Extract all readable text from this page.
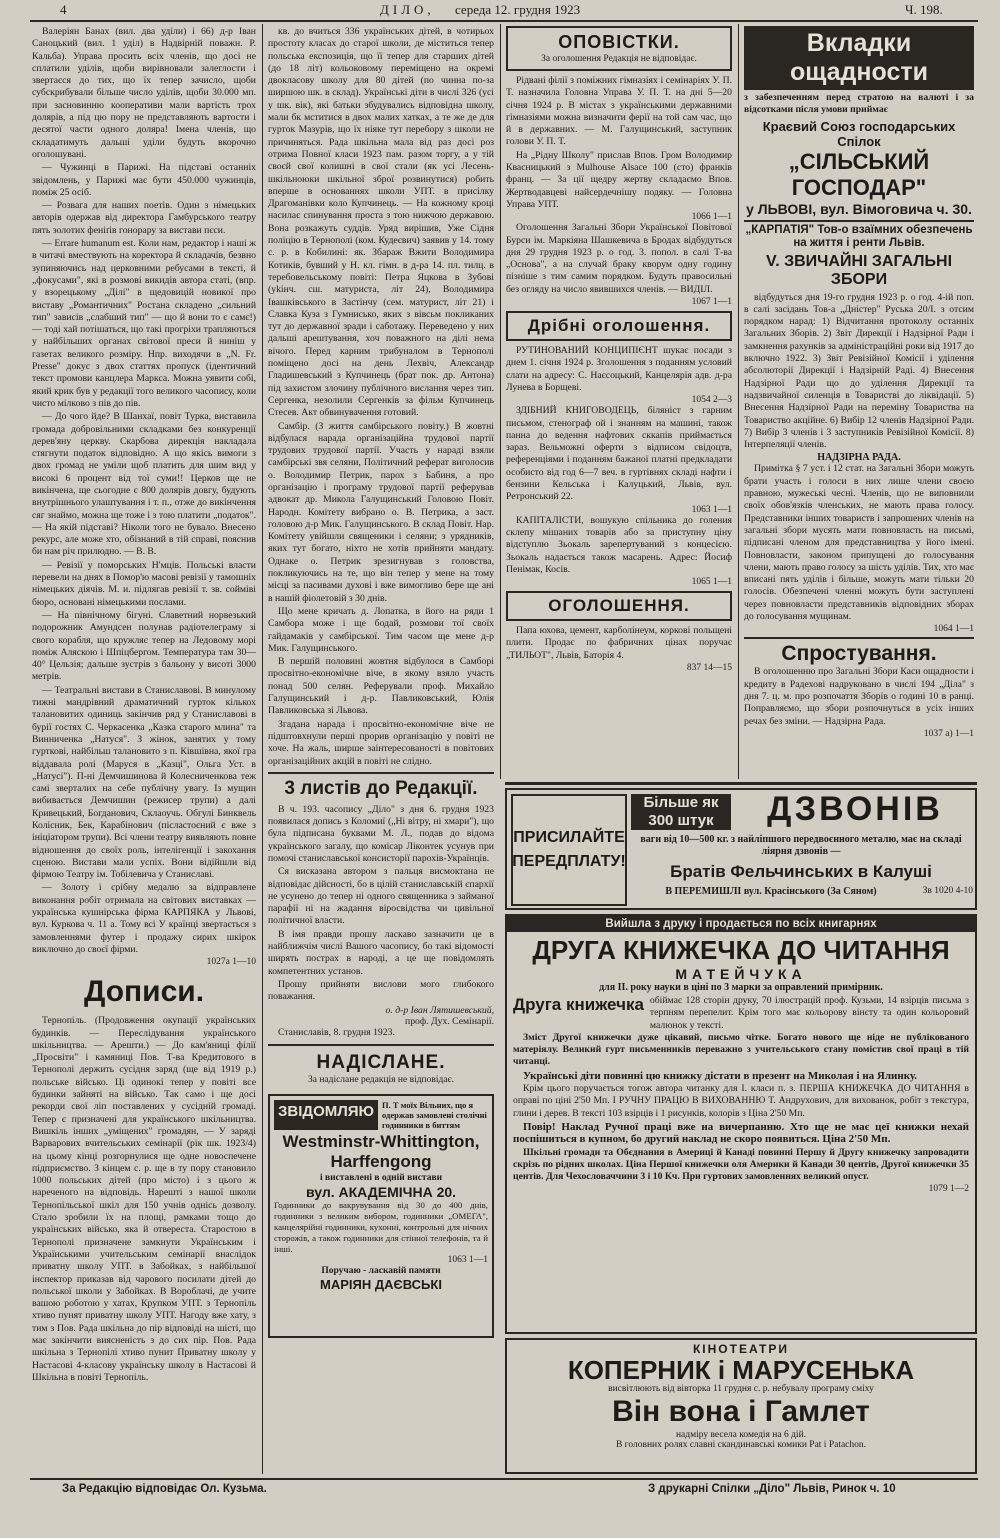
4	ДІЛО, середа 12. грудня 1923	Ч. 198.

Валеріян Банах (вил. два уділи) і 66) д-р Іван Саноцький (вил. 1 уділ) в Надвірній поважн. Р. Кальба). Управа просить всіх членів, що досі не сплатили уділів, щоби вирівновали залеглости і звертаєся до тих, що їх тепер зачисло, щоби субскрибували більше число уділів, щоби 30.000 мп. при засновинню кооперативи мали вартість трох долярів, а під цю пору не представляють вартости і десятої части одного доляра! Імена членів, що складатимуть дальші уділи будуть вкорочно оголошувані.

— Чужинці в Парижі. На підставі останніх звідомлень, у Парижі має бути 450.000 чужинців, поміж 25 осіб.

— Розвага для наших поетів. Один з німецьких авторів одержав від директора Гамбурського театру пять золотих феніґів гонорару за вистави пєси.

— Errare humanum est. Коли нам, редактор і наші ж в читачі вмествують на коректора й складачів, безвно зупиняючись над церковними ребусами в тексті, й „фокусами", які в розмові викидів автора статі, (впр. у взорецькому „Ділі" в щедовицій новикої про виставу „Романтичних" Ростана складено „сильний тип" зависів „слабший тип" — що й вони то є самє!) — тоді хай потішаться, що такі прогріхи трапляються у найбільших органах світової преси й ниніш у газетах великого розміру. Нпр. виходячи в „N. Fr. Presse" докує з двох статтях пропуск (ідентичний текст промови канцлера Маркса. Можна уявити собі, який крик був у редакції того великого часопису, коли чисто мілково з пів до пів.

— До чого йде? В Шанхаї, повіт Турка, виставила громада добровільними складками без конкуренції дерев'яну церкву. Скарбова дирекція накладала стягнути податок відповідно. А що якісь вимоги з двох громад не уміли щоб платить для шим вид у високі 6 процент від тої суми!! Церков ще не викінчена, ще сьогодне є 800 долярів довгу, будують внутрішнього улаштування і т. п., отже до викінчення сяг знаймо, можна ще тоже і з тою платити „податок". — На якій підставі? Ніколи того не бувало. Внесено рекурс, але може хто, обізнаний в тій справі, пояснив би нам річ прилюдно. — В. В.

— Ревізії у поморських Н'мців. Польські власти перевели на днях в Помор'ю масові ревізії у тамошніх німецьких діячів. М. и. підлягав ревізії т. зв. сойміві бюро, основані німецькими послами.

— На північному бігуні. Славетний норвезький подорожник Амундсен полунав радіотелеграму зі свого корабля, що кружляє тепер на Ледовому морі поміж Аляскою і Шпіцбергом. Температура там 30—40° Цельзія; дальше зустрів з бальону у висоті 3000 метрів.

— Театральні вистави в Станиславові. В минулому тижні мандрівний драматичний гурток кількох талановитих одиниць закінчив ряд у Станиславові в бурії гостях С. Черкасенка „Казка старого млина" та Винниченка „Натуся". З жінок, занятих у тому гурткові, найбільш талановито з п. Ківшівна, якої гра віддавала ролі (Маруся в „Казці", Ольга Уст. в „Натусі"). П-ні Демчишинова й Колесниченкова теж самі зверталих на себе публічну увагу. Із мущин вибивається Демчишин (режисер трупи) а далі Кривецький, Богданович, Склаоучь. Обгулі Бинквель Колісник, Бек, Карабінович (післастоєний є вже з ініціатором трупи). Всі члени театру виявляють повне відношення до своїх роль, інтелігенції і закохання сценою. Вистави мали успіх. Вони відійшли від фірмою Театру ім. Тобілевича у Станиславі.

— Золоту і срібну медалю за відправлене виконання робіт отримала на світових виставках — українська кушнірська фірма КАРПЯКА у Львові, вул. Куркова ч. 11 а. Тому всі У країнці звертається з замовленнями футер і продажу сирих шкірок виключно до своєї фірми.

1027а 1—10
Дописи.

Тернопіль. (Продовження окупації українських будинків. — Переслідування українського шкільництва. — Арешти.) — До кам'яниці філії „Просвіти" і камяниці Пов. Т-ва Кредитового в Тернополі держить сусідня заряд (ще від 1919 р.) польське військо. Ці одинокі тепер у повіті все будинки зайняті на військо. Так само і ще досі рекорди свої ліп поставлених у сусідній громаді. Тепер є призначені для українського шкільництва. Вишкіль інших „уміщених" громадян, — У заряді Варварових вчительських семінарії (рік шк. 1923/4) на цьому кінці розгорнулися ще одне новоспечене підприємство. З кінцем с. р. ще в ту пору становило 1000 польських дітей (про місто) і з цього ж нареченого на відповідь. Нарешті з нашої школи Тернопільської шкіл для 150 учнів однісь дозволу. Стало зробили їх на площі, рамками тощо до українських військо, яка й отвереста. Старостою в Тернополі призначене замкнути Українським і Українськими учительським семінарії внаслідок приватну школу УПТ. в Забойках, з найбільшої інспектор приказав від чарового посилати дітей до польської школи у Забойках. В Вороблачі, де учите вашою роботою у хатах, Крупком УПТ. з Тернопіль хтиво пунят приватну школу УПТ. Нагоду вже хату, з тим з Пов. Рада шкільна до пір відповіді на шісті, що має закінчити виясненість з до сих пір. Пов. Рада шкільна з Тернопілі хтиво пунит Приватну школу у Настасові 4-класову українську школу в Настасові й Шкільна в повіті Тернопіль.

кв. до вчиться 336 українських дітей, в чотирьох простоту класах до старої школи, де міститься тепер польська експозиція, що її тепер для старших дітей (до 18 літ) кольоковому переміщено на окремі двокласову школу для 80 дітей (по чинна по-за ширшою шк. в склад). Українські діти в числі 326 (усі у шк. вік), які батьки збудувались відповідна школу, мали бк мститися в двох малих хатках, а те же де для гурток Мазурів, що їх ніяке тут перебору з школи не причиняться. Рада шкільна мала від раз досі роз отрима Повної класи 1923 пам. разом торгу, а у тій своєй свої колишні в свої стали (як усі Лесень-шкільноюки шкільної зброї розвинутися) робить вперше в основаннях школи УПТ. в присілку Драгоманівки коло Купчинець. — На кожному кроці насилає спинування проста з тою нижчою державою. Вона розкажуть суддів. Уряд вирішив, Уже Сідня поліцію в Тернополі (ком. Кудеєвич) заявив у 14. тому с. р. в Кобилині: як. Збараж Вжити Володимира Котиків, бувший у Н. кл. гімн. в д-ра 14. пл. тилц. в теребовельському повіті: Петра Яцкова в Зубові (ykiнч. сш. матуриста, літ 24), Володимира Івашківського в Застінчу (сем. матурист, літ 21) і Славка Куза з Гумнисько, яких з вівсьм покликаних тут до державної зради і саботажу. Переведено у них дальші арештування, хоч поважного на ділі нема вічого. Перед карним трибуналом в Тернополі поміщено досі на день Лехвіч, Александр Гладишевський з Купчинець (брат пок. др. Антона) під захистом злочину публічного вислання через тип. Сергенка, незолили Сергенків за фільм Купчинець Стесев. Акт обвинувачення готовий.

Самбір. (З життя самбірського повіту.) В жовтні відбулася нарада організаційна трудової партії трудових трудової партії. Участь у нараді взяли самбірські звя селяни, Політичний реферат виголосив о. Володимир Петрик, парох з Бабиня, а про організацію і програму трудової партії реферував адвокат др. Микола Галущинський Головою Повіт. Народн. Комітету вибрано о. В. Петрика, а заст. головою д-р Мик. Галущинського. В склад Повіт. Нар. Комітету увійшли священики і селяни; з урядників, яких тут богато, ніхто не хотів прийняти мандату. Однаке о. Петрик зрезигнував з головства, покликуючись на те, що він тепер у мене на тому місці за пасивами духові і вже вимогливо бере ще ані в нашій фіолетовій з 30 днів.

Що мене кричать д. Лопатка, в його на ряди 1 Самбора може і ще бодай, розмови тої своїх гайдамаків у самбірської. Тим часом ще мене д-р Мик. Галущинського.

В першій половині жовтня відбулося в Самборі просвітно-економічне віче, в якому взяло участь понад 500 селян. Реферували проф. Михайло Галущинський і д-р. Павликовський, Юлія Павликовська зі Львова.

Згадана нарада і просвітно-економічне віче не підштовхнули перші прорив організацію у повіті не хоче. На жаль, ширше заінтересованості в повітових організаційних акцій в повіті не слідно.

3 листів до Редакції.

В ч. 193. часопису „Діло" з дня 6. грудня 1923 появилася допись з Коломиї („Ні вітру, ні хмари"), що була підписана буквами М. Л., подав до відома українського загалу, що комісар Ліконтек усунув при помочі станиславської консисторії парохів-Українців.

Ся висказана автором з пальця висмоктана не відповідає дійсності, бо в цілій станиславській єпархії не усунено до тепер ні одного священника з займаної парафії ні на жадання віросвідства чи цивільної політичної власти.

В імя правди прошу ласкаво зазначити це в найближчім числі Вашого часопису, бо такі відомості ширять пострах в народі, а це ще повідомлять компетентних установ.

Прошу прийняти вислови мого глибокого поважання.

о. д-р Іван Лятишевський,
проф. Дух. Семінарії.
Станиславів, 8. грудня 1923.
НАДІСЛАНЕ.
За надіслане редакція не відповідає.
ЗВІДОМЛЯЮ П. Т моїх Вільних, що я одержав замовлені столічні годинники в биттям
Westminstr-Whittington,
Harffengong
і виставлені в одній вистави
вул. АКАДЕМІЧНА 20.
Годинники до вакрувування від 30 до 400 днів, годинники з великим вибором, годинники „ОМЕГА", канцелярійні годинники, кухонні, контрольні для нічних сторожів, а також годинники для стінної телефонів, та й інші.
1063 1—1
Поручаю - ласкавій памяти
МАРІЯН ДАЄВСЬКІ
ОПОВІСТКИ.
За оголошення Редакція не відповідає.

Рідвані філії з поміжних гімназіях і семінаріях У. П. Т. назначила Головна Управа У. П. Т. на дні 5—20 січня 1924 р. В містах з українськими державними гімназіями можна визначити ферії на той сам час, що й в державних. — М. Галущинський, заступник голови У. П. Т.

На „Рідну Школу" прислав Впов. Гром Володимир Квасницький з Mulhouse Alsace 100 (сто) франків франц. — За ції щедру жертву складаємо Впов. Жертводавцеві найсердечнішу подяку. — Головна Управа УПТ.

1066 1—1

Оголошення Загальні Збори Української Повітової Бурси ім. Маркіяна Шашкевича в Бродах відбудуться дня 29 грудня 1923 р. о год. 3. попол. в салі Т-ва „Основа", а на случай браку кворум одну годину пізніше з тим самим порядком. Будуть правосильні без огляду на число явившихся членів. — ВИДІЛ.

1067 1—1
Дрібні оголошення.

РУТИНОВАНИЙ КОНЦИПІЄНТ шукає посади з днем 1. січня 1924 р. Зголошення з поданням условий слати на адресу: С. Наєсоцький, Канцелярія адв. д-ра Лунева в Борщеві.

1054 2—3

ЗДІБНИЙ КНИГОВОДЕЦЬ, біляніст з гарним письмом, стенограф ой і знанням на машині, також панна до ведення нафтових сккапів приймається зараз. Вельможні оферти з відписом свідоцтв, референціями і поданням бажаної платні предкладати особисто від год 6—7 веч. в гуртівнях складі нафти і бензини Кельська і Калуцький, Львів, вул. Ретронський 22.

1063 1—1

КАПІТАЛІСТИ, вошукую спільника до голения склепу мішаних товарів або за приступну ціну відступлю Зьокаль зарепертуваний з концесією. Зьокаль надається також масарень. Адрес: Йосиф Пенімак, Косів.

1065 1—1
ОГОЛОШЕННЯ.

Папа юхова, цемент, карболінеум, коркові польщені плити. Продає по фабричних цінах поручає „ТИЛЬОТ", Львів, Баторія 4.

837 14—15
Вкладки ощадности

з забезпеченням перед стратою на валюті і за відсотками після умови приймає

Краєвий Союз господарських Спілок
„СІЛЬСЬКИЙ ГОСПОДАР"
у ЛЬВОВІ, вул. Вімоговича ч. 30.
„КАРПАТІЯ" Тов-о взаїмних обезпечень на життя і ренти Львів.
V. ЗВИЧАЙНІ ЗАГАЛЬНІ ЗБОРИ

відбудуться дня 19-го грудня 1923 р. о год. 4-ій поп. в салі засідань Тов-а „Дністер" Руська 20/I. з отсим порядком нарад: 1) Відчитання протоколу останніх Загальних Зборів. 2) Звіт Дирекції і Надзірної Ради і замкнення рахунків за адміністраційні роки від 1917 до включно 1922. 3) Звіт Ревізійної Комісії і уділення абсолюторії Дирекції і Надзірній Раді. 4) Внесення Надзірної Ради що до уділення Дирекції та надзвичайної силенція в Товаристві до ліквідації. 5) Внесення Надзірної Ради на переміну Товариства на Товариство акційне. 6) Вибір 12 членів Надзірної Ради. 7) Вибір 3 членів і 3 заступників Ревізійної Комісії. 8) Інтерпеляції членів.

НАДЗІРНА РАДА.

Примітка § 7 уст. і 12 стат. на Загальні Збори можуть брати участь і голоси в них лише члени своєю правною, мужеські чесні. Членів, що не виповнили своїх обов'язків членських, не мають права голосу. Представники інших товариств і запрошених членів на загальні збори мусять мати повновласть на письмі, підписані членом для представництва у його імені. Повновласти, законом припущені до голосування члени, мають право голосу за шість уділів. Тих, хто має вписані пять уділів і більше, можуть мати тільки 20 голосів. Обезпечені членні можуть бути заступлені через повновласти представників відповідних зборах до голосування мущинам.

1064 1—1
Спростування.

В оголошенню про Загальні Збори Каси ощадности і кредиту в Радехові надруковано в числі 194 „Діла" з дня 7. ц. м. про розпочаття Зборів о годині 10 в ранці. Поправляємо, що збори розпочнуться в усіх інших речах без зміни. — Надзірна Рада.

1037 а) 1—1
ПРИСИЛАЙТЕ ПЕРЕДПЛАТУ!
Більше як 300 штук	ДЗВОНІВ
ваги від 10—500 кг. з найліпшого передвоєнного металю, має на складі ліярня дзвонів —
Братів Фельчинських в Калуші
В ПЕРЕМИШЛІ вул. Красінського (За Сяном)	Зв 1020 4-10
Вийшла з друку і продається по всіх книгарнях
ДРУГА КНИЖЕЧКА ДО ЧИТАННЯ
МАТЕЙЧУКА
для ІІ. року науки в ціні по 3 марки за оправлений примірник.
Друга книжечка обіймає 128 сторін друку, 70 ілюстрацій проф. Кузьми, 14 взірців письма з терпням перепелит. Крім того має кольорову вінєту та один кольоровий малюнок у тексті.

Зміст Другої книжечки дуже цікавий, письмо чітке. Богато нового ще ніде не публікованого матеріялу. Великий гурт письменників переважно з учительського стану помістив свої праці в тій читанці.

Українські діти повинні цю книжку дістати в презент на Миколая і на Ялинку.

Крім цього поручається тогож автора читанку для І. класи п. з. ПЕРША КНИЖЕЧКА ДО ЧИТАННЯ в оправі по ціні 2'50 Мп. І РУЧНУ ПРАЦЮ В ВИХОВАННЮ Т. Андрухович, для вихованок, робіт з текстура, глини і дерев. В тексті 103 взірців і 1 рисунків, колорів з Ціна 2'50 Мп.

Повір! Наклад Ручної праці вже на вичерпанню. Хто ще не має цеї книжки нехай поспішиться в купном, бо другий наклад не скоро появиться. Ціна 2'50 Мп.

Шкільні громади та Обєднання в Америці й Канаді повинні Першу й Другу книжечку запровадити скрізь по рідних школах. Ціна Першої книжечки оля Америки й Канади 30 центів, Другої книжечки 35 центів. Для Чехословаччини 3 і 10 Кч. При гуртових замовленнях великий опуст.

1079 1—2
КІНОТЕАТРИ
КОПЕРНИК і МАРУСЕНЬКА
висвітлюють від вівторка 11 грудня с. р. небувалу програму сміху
Він вона і Гамлет
надміру весела комедія на 6 дій.
В головних ролях славні скандинавські комики Pat і Patachon.
За Редакцію відповідає Ол. Кузьма.	З друкарні Спілки „Діло" Львів, Ринок ч. 10
